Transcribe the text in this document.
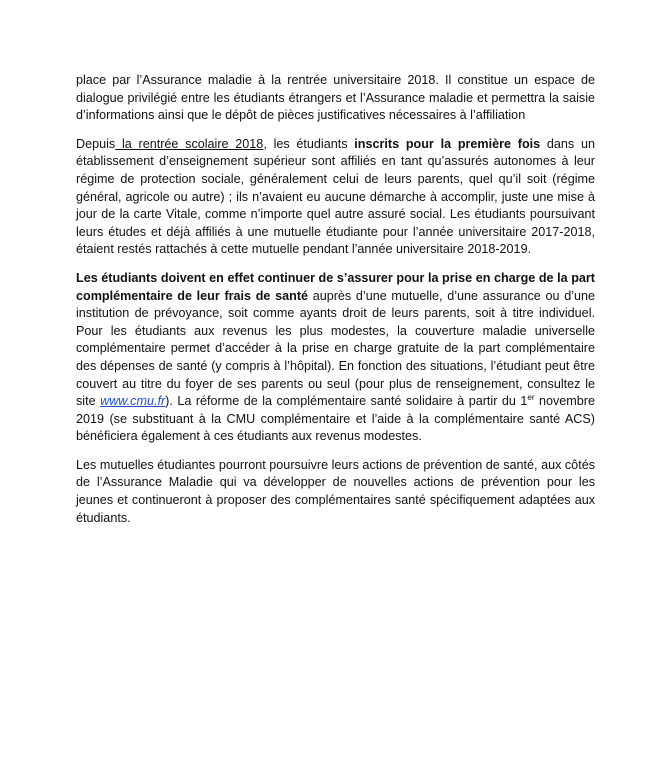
place par l’Assurance maladie à la rentrée universitaire 2018. Il constitue un espace de dialogue privilégié entre les étudiants étrangers et l’Assurance maladie et permettra la saisie d’informations ainsi que le dépôt de pièces justificatives nécessaires à l’affiliation

Depuis la rentrée scolaire 2018, les étudiants inscrits pour la première fois dans un établissement d’enseignement supérieur sont affiliés en tant qu’assurés autonomes à leur régime de protection sociale, généralement celui de leurs parents, quel qu’il soit (régime général, agricole ou autre) ; ils n’avaient eu aucune démarche à accomplir, juste une mise à jour de la carte Vitale, comme n’importe quel autre assuré social. Les étudiants poursuivant leurs études et déjà affiliés à une mutuelle étudiante pour l’année universitaire 2017-2018, étaient restés rattachés à cette mutuelle pendant l’année universitaire 2018-2019.

Les étudiants doivent en effet continuer de s’assurer pour la prise en charge de la part complémentaire de leur frais de santé auprès d’une mutuelle, d’une assurance ou d’une institution de prévoyance, soit comme ayants droit de leurs parents, soit à titre individuel. Pour les étudiants aux revenus les plus modestes, la couverture maladie universelle complémentaire permet d’accéder à la prise en charge gratuite de la part complémentaire des dépenses de santé (y compris à l’hôpital). En fonction des situations, l’étudiant peut être couvert au titre du foyer de ses parents ou seul (pour plus de renseignement, consultez le site www.cmu.fr). La réforme de la complémentaire santé solidaire à partir du 1er novembre 2019 (se substituant à la CMU complémentaire et l’aide à la complémentaire santé ACS) bénéficiera également à ces étudiants aux revenus modestes.

Les mutuelles étudiantes pourront poursuivre leurs actions de prévention de santé, aux côtés de l’Assurance Maladie qui va développer de nouvelles actions de prévention pour les jeunes et continueront à proposer des complémentaires santé spécifiquement adaptées aux étudiants.
